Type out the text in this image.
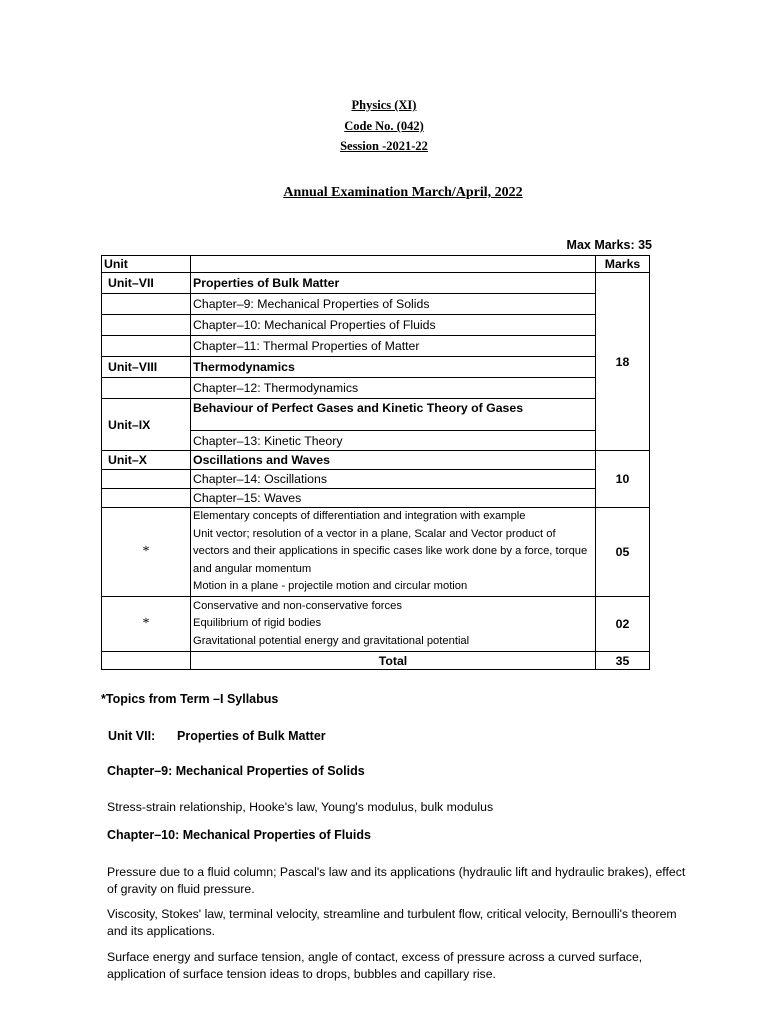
Physics (XI)
Code No. (042)
Session -2021-22
Annual Examination March/April, 2022
Max Marks: 35
Unit		Marks
Unit–VII	Properties of Bulk Matter	18
	Chapter–9: Mechanical Properties of Solids	
	Chapter–10: Mechanical Properties of Fluids	
	Chapter–11: Thermal Properties of Matter	
Unit–VIII	Thermodynamics	
	Chapter–12: Thermodynamics	
Unit–IX	Behaviour of Perfect Gases and Kinetic Theory of Gases	
	Chapter–13: Kinetic Theory	
Unit–X	Oscillations and Waves	10
	Chapter–14: Oscillations	
	Chapter–15: Waves	
*	Elementary concepts of differentiation and integration with example
Unit vector; resolution of a vector in a plane, Scalar and Vector product of vectors and their applications in specific cases like work done by a force, torque and angular momentum
Motion in a plane - projectile motion and circular motion	05
*	Conservative and non-conservative forces
Equilibrium of rigid bodies
Gravitational potential energy and gravitational potential	02
	Total	35
*Topics from Term –I Syllabus
Unit VII: Properties of Bulk Matter
Chapter–9: Mechanical Properties of Solids
Stress-strain relationship, Hooke's law, Young's modulus, bulk modulus
Chapter–10: Mechanical Properties of Fluids
Pressure due to a fluid column; Pascal's law and its applications (hydraulic lift and hydraulic brakes), effect of gravity on fluid pressure.
Viscosity, Stokes' law, terminal velocity, streamline and turbulent flow, critical velocity, Bernoulli's theorem and its applications.
Surface energy and surface tension, angle of contact, excess of pressure across a curved surface, application of surface tension ideas to drops, bubbles and capillary rise.
